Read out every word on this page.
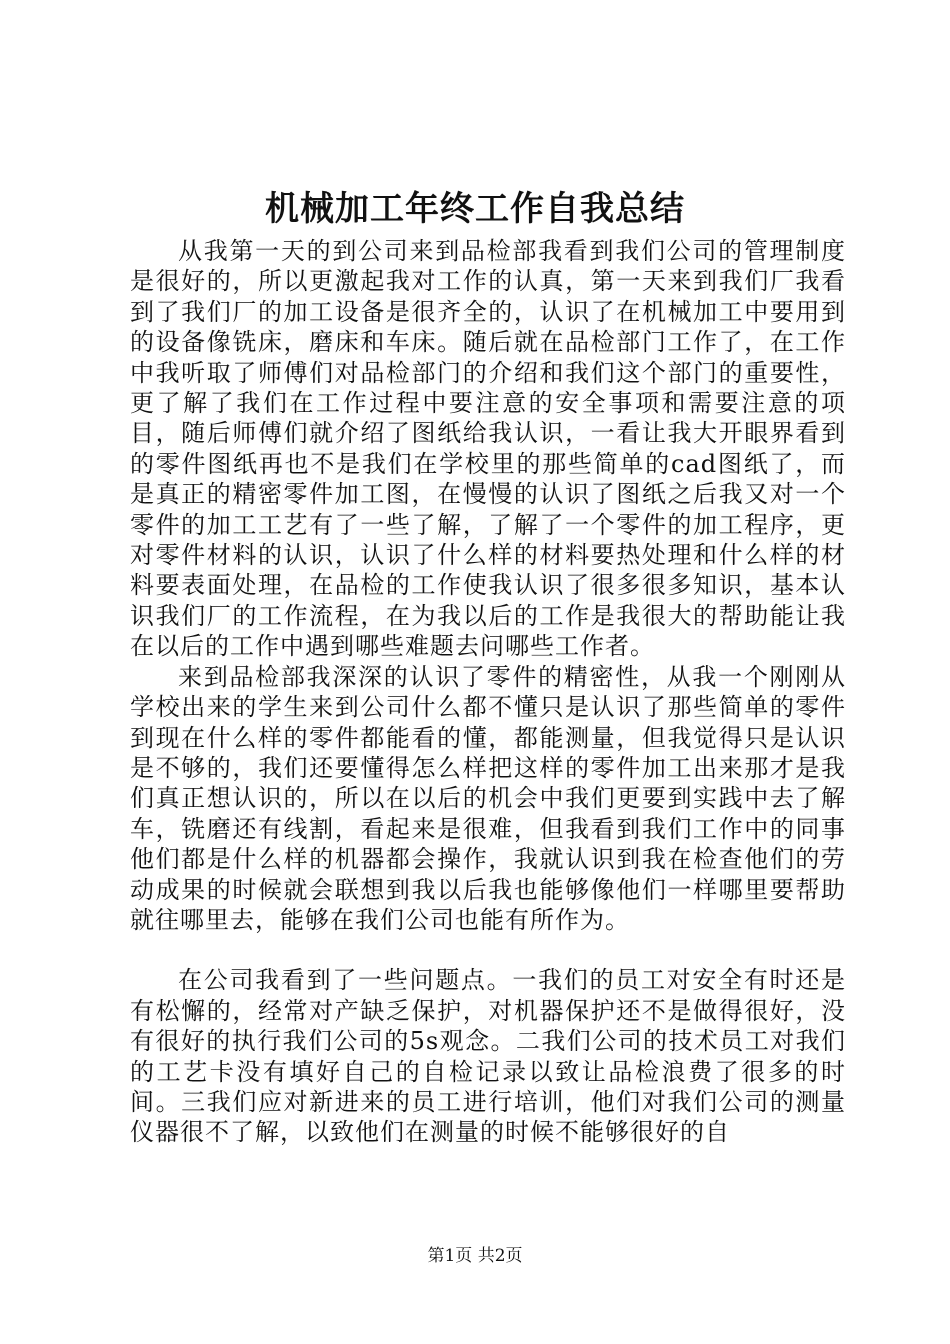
机械加工年终工作自我总结

从我第一天的到公司来到品检部我看到我们公司的管理制度是很好的，所以更激起我对工作的认真，第一天来到我们厂我看到了我们厂的加工设备是很齐全的，认识了在机械加工中要用到的设备像铣床，磨床和车床。随后就在品检部门工作了，在工作中我听取了师傅们对品检部门的介绍和我们这个部门的重要性，更了解了我们在工作过程中要注意的安全事项和需要注意的项目，随后师傅们就介绍了图纸给我认识，一看让我大开眼界看到的零件图纸再也不是我们在学校里的那些简单的cad图纸了，而是真正的精密零件加工图，在慢慢的认识了图纸之后我又对一个零件的加工工艺有了一些了解，了解了一个零件的加工程序，更对零件材料的认识，认识了什么样的材料要热处理和什么样的材料要表面处理，在品检的工作使我认识了很多很多知识，基本认识我们厂的工作流程，在为我以后的工作是我很大的帮助能让我在以后的工作中遇到哪些难题去问哪些工作者。

来到品检部我深深的认识了零件的精密性，从我一个刚刚从学校出来的学生来到公司什么都不懂只是认识了那些简单的零件到现在什么样的零件都能看的懂，都能测量，但我觉得只是认识是不够的，我们还要懂得怎么样把这样的零件加工出来那才是我们真正想认识的，所以在以后的机会中我们更要到实践中去了解车，铣磨还有线割，看起来是很难，但我看到我们工作中的同事他们都是什么样的机器都会操作，我就认识到我在检查他们的劳动成果的时候就会联想到我以后我也能够像他们一样哪里要帮助就往哪里去，能够在我们公司也能有所作为。

在公司我看到了一些问题点。一我们的员工对安全有时还是有松懈的，经常对产缺乏保护，对机器保护还不是做得很好，没有很好的执行我们公司的5s观念。二我们公司的技术员工对我们的工艺卡没有填好自己的自检记录以致让品检浪费了很多的时间。三我们应对新进来的员工进行培训，他们对我们公司的测量仪器很不了解，以致他们在测量的时候不能够很好的自

第1页 共2页
